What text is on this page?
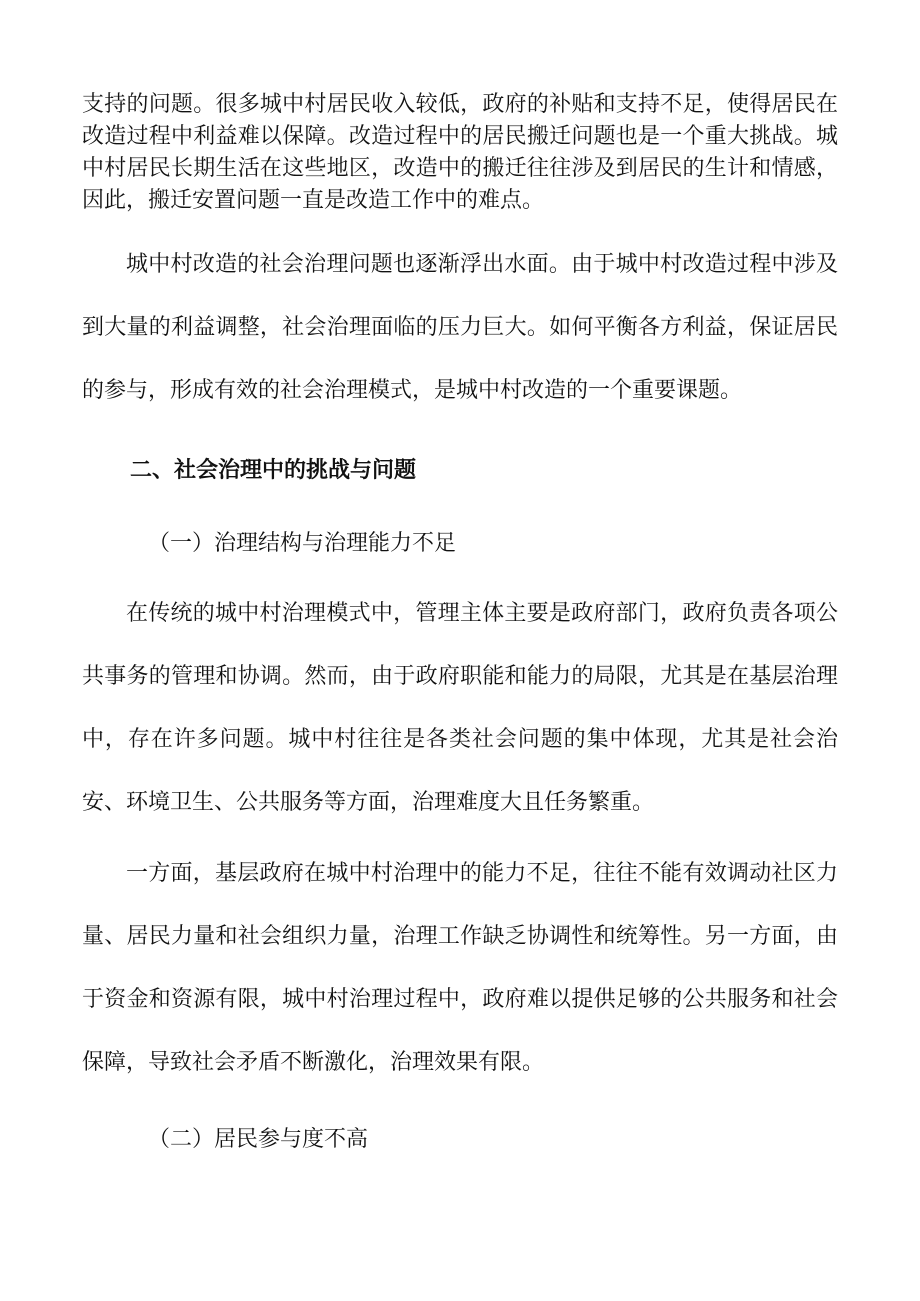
支持的问题。很多城中村居民收入较低，政府的补贴和支持不足，使得居民在改造过程中利益难以保障。改造过程中的居民搬迁问题也是一个重大挑战。城中村居民长期生活在这些地区，改造中的搬迁往往涉及到居民的生计和情感，因此，搬迁安置问题一直是改造工作中的难点。

城中村改造的社会治理问题也逐渐浮出水面。由于城中村改造过程中涉及到大量的利益调整，社会治理面临的压力巨大。如何平衡各方利益，保证居民的参与，形成有效的社会治理模式，是城中村改造的一个重要课题。

二、社会治理中的挑战与问题

（一）治理结构与治理能力不足

在传统的城中村治理模式中，管理主体主要是政府部门，政府负责各项公共事务的管理和协调。然而，由于政府职能和能力的局限，尤其是在基层治理中，存在许多问题。城中村往往是各类社会问题的集中体现，尤其是社会治安、环境卫生、公共服务等方面，治理难度大且任务繁重。

一方面，基层政府在城中村治理中的能力不足，往往不能有效调动社区力量、居民力量和社会组织力量，治理工作缺乏协调性和统筹性。另一方面，由于资金和资源有限，城中村治理过程中，政府难以提供足够的公共服务和社会保障，导致社会矛盾不断激化，治理效果有限。

（二）居民参与度不高
